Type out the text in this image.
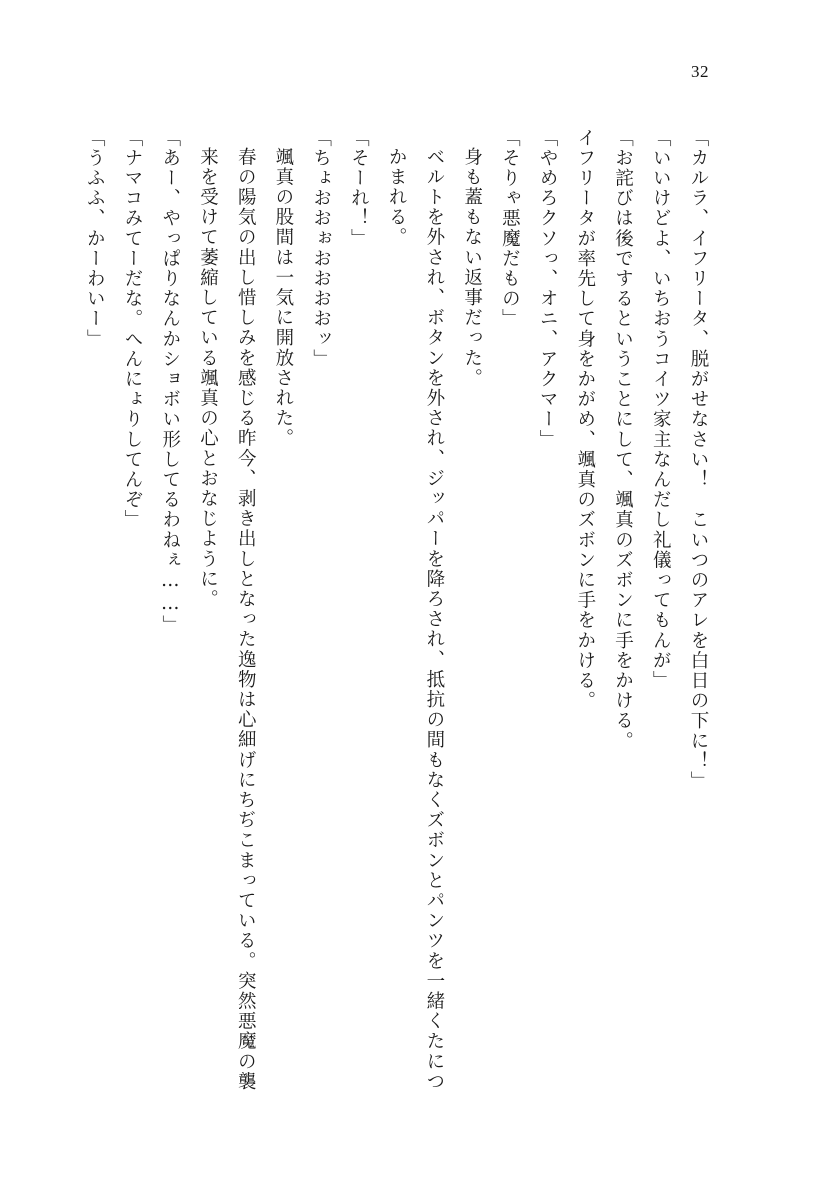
32

「カルラ、イフリータ、脱がせなさい！　こいつのアレを白日の下に！」

「いいけどよ、いちおうコイツ家主なんだし礼儀ってもんが」

「お詫びは後でするということにして、颯真のズボンに手をかける。

イフリータが率先して身をかがめ、颯真のズボンに手をかける。

「やめろクソっ、オニ、アクマー」

「そりゃ悪魔だもの」

身も蓋もない返事だった。

ベルトを外され、ボタンを外され、ジッパーを降ろされ、抵抗の間もなくズボンとパンツを一緒くたにつかまれる。

「そーれ！」

「ちょおおぉおおおおッ」

颯真の股間は一気に開放された。

春の陽気の出し惜しみを感じる昨今、剥き出しとなった逸物は心細げにちぢこまっている。突然悪魔の襲来を受けて萎縮している颯真の心とおなじように。

「あー、やっぱりなんかショボい形してるわねぇ……」

「ナマコみてーだな。へんにょりしてんぞ」

「うふふ、かーわいー」
